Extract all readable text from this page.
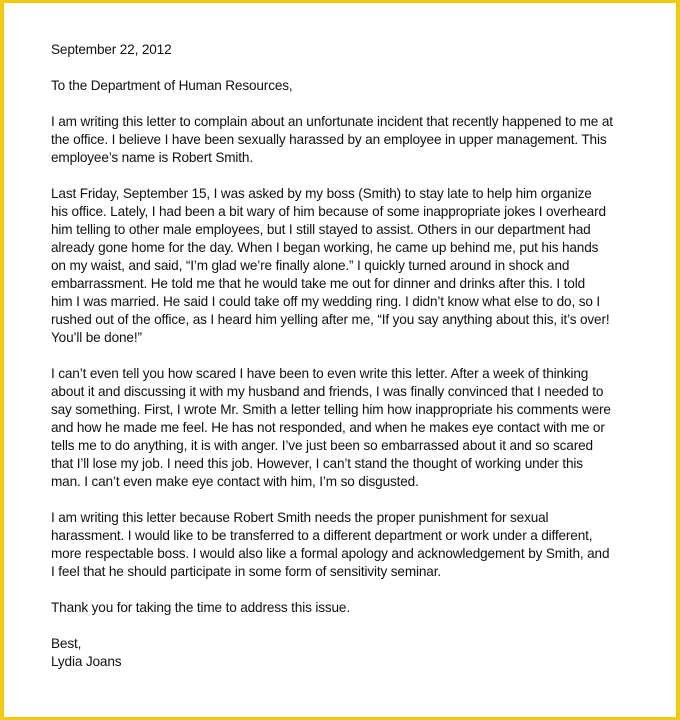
September 22, 2012
To the Department of Human Resources,
I am writing this letter to complain about an unfortunate incident that recently happened to me at
the office. I believe I have been sexually harassed by an employee in upper management. This
employee’s name is Robert Smith.
Last Friday, September 15, I was asked by my boss (Smith) to stay late to help him organize
his office. Lately, I had been a bit wary of him because of some inappropriate jokes I overheard
him telling to other male employees, but I still stayed to assist. Others in our department had
already gone home for the day. When I began working, he came up behind me, put his hands
on my waist, and said, “I’m glad we’re finally alone.” I quickly turned around in shock and
embarrassment. He told me that he would take me out for dinner and drinks after this. I told
him I was married. He said I could take off my wedding ring. I didn’t know what else to do, so I
rushed out of the office, as I heard him yelling after me, “If you say anything about this, it’s over!
You’ll be done!”
I can’t even tell you how scared I have been to even write this letter. After a week of thinking
about it and discussing it with my husband and friends, I was finally convinced that I needed to
say something. First, I wrote Mr. Smith a letter telling him how inappropriate his comments were
and how he made me feel. He has not responded, and when he makes eye contact with me or
tells me to do anything, it is with anger. I’ve just been so embarrassed about it and so scared
that I’ll lose my job. I need this job. However, I can’t stand the thought of working under this
man. I can’t even make eye contact with him, I’m so disgusted.
I am writing this letter because Robert Smith needs the proper punishment for sexual
harassment. I would like to be transferred to a different department or work under a different,
more respectable boss. I would also like a formal apology and acknowledgement by Smith, and
I feel that he should participate in some form of sensitivity seminar.
Thank you for taking the time to address this issue.
Best,
Lydia Joans
